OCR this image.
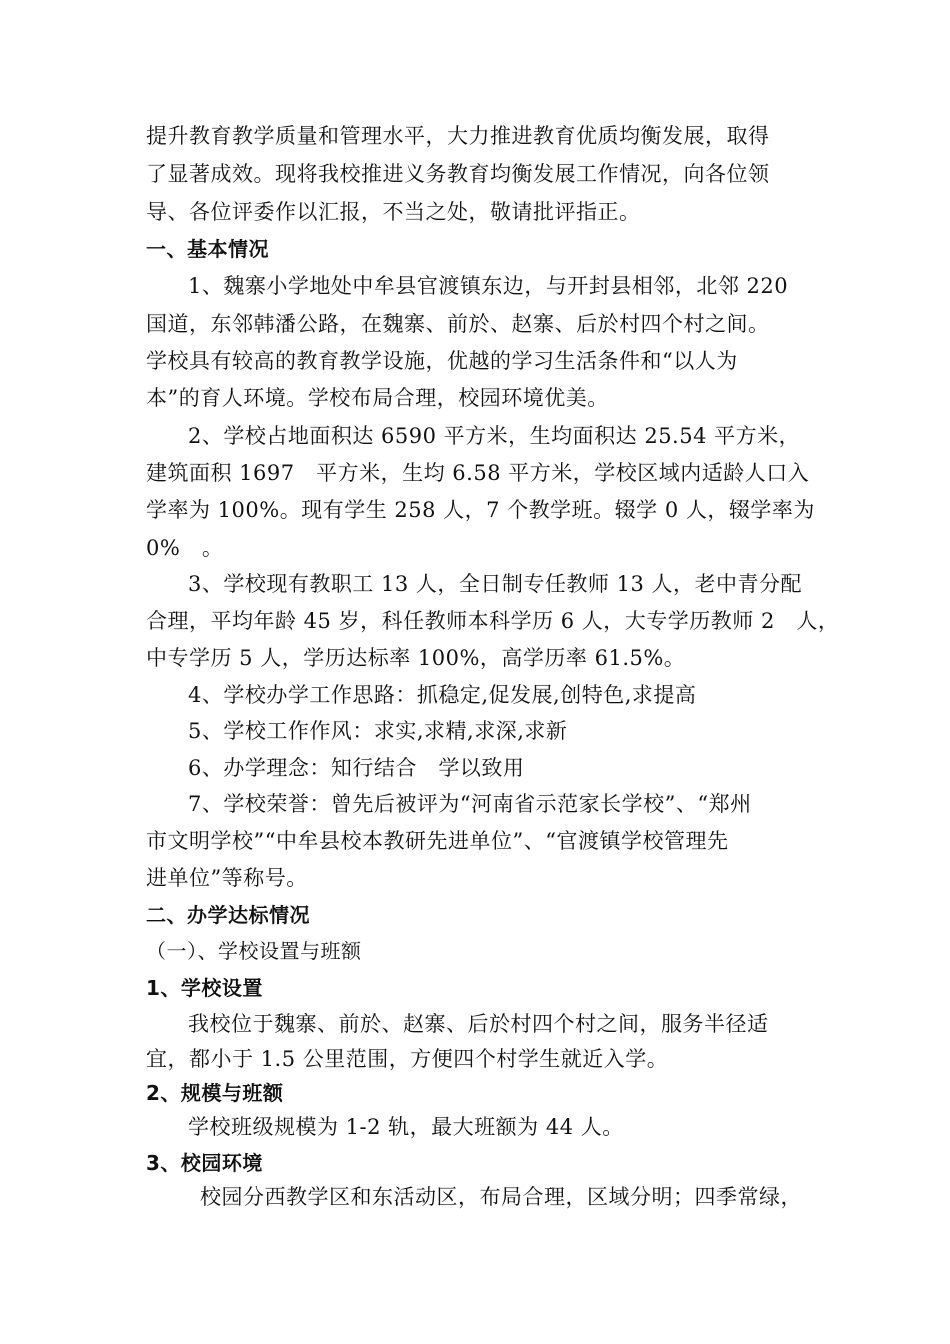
提升教育教学质量和管理水平，大力推进教育优质均衡发展，取得
了显著成效。现将我校推进义务教育均衡发展工作情况，向各位领
导、各位评委作以汇报，不当之处，敬请批评指正。
一、基本情况
1、魏寨小学地处中牟县官渡镇东边，与开封县相邻，北邻 220
国道，东邻韩潘公路，在魏寨、前於、赵寨、后於村四个村之间。
学校具有较高的教育教学设施，优越的学习生活条件和“以人为
本”的育人环境。学校布局合理，校园环境优美。
2、学校占地面积达 6590 平方米，生均面积达 25.54 平方米，
建筑面积 1697　平方米，生均 6.58 平方米，学校区域内适龄人口入
学率为 100%。现有学生 258 人，7 个教学班。辍学 0 人，辍学率为
0%　。
3、学校现有教职工 13 人，全日制专任教师 13 人，老中青分配
合理，平均年龄 45 岁，科任教师本科学历 6 人，大专学历教师 2　人，
中专学历 5 人，学历达标率 100%，高学历率 61.5%。
4、学校办学工作思路：抓稳定,促发展,创特色,求提高
5、学校工作作风：求实,求精,求深,求新
6、办学理念：知行结合　学以致用
7、学校荣誉：曾先后被评为“河南省示范家长学校”、“郑州
市文明学校”“中牟县校本教研先进单位”、“官渡镇学校管理先
进单位”等称号。
二、办学达标情况
（一）、学校设置与班额
1、学校设置
我校位于魏寨、前於、赵寨、后於村四个村之间，服务半径适
宜，都小于 1.5 公里范围，方便四个村学生就近入学。
2、规模与班额
学校班级规模为 1-2 轨，最大班额为 44 人。
3、校园环境
校园分西教学区和东活动区，布局合理，区域分明；四季常绿，
